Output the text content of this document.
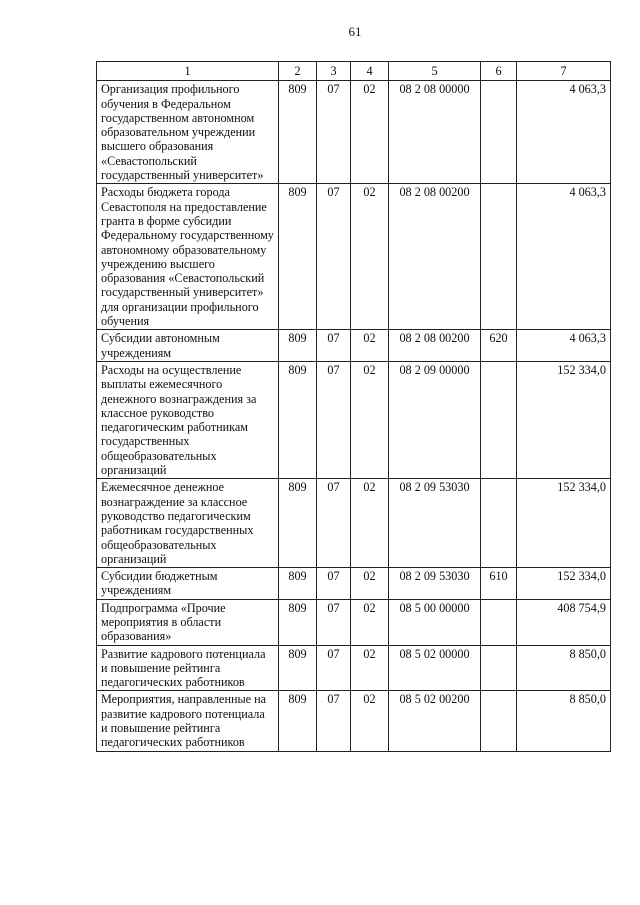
61
1	2	3	4	5	6	7
Организация профильного обучения в Федеральном государственном автономном образовательном учреждении высшего образования «Севастопольский государственный университет»	809	07	02	08 2 08 00000		4 063,3
Расходы бюджета города Севастополя на предоставление гранта в форме субсидии Федеральному государственному автономному образовательному учреждению высшего образования «Севастопольский государственный университет» для организации профильного обучения	809	07	02	08 2 08 00200		4 063,3
Субсидии автономным учреждениям	809	07	02	08 2 08 00200	620	4 063,3
Расходы на осуществление выплаты ежемесячного денежного вознаграждения за классное руководство педагогическим работникам государственных общеобразовательных организаций	809	07	02	08 2 09 00000		152 334,0
Ежемесячное денежное вознаграждение за классное руководство педагогическим работникам государственных общеобразовательных организаций	809	07	02	08 2 09 53030		152 334,0
Субсидии бюджетным учреждениям	809	07	02	08 2 09 53030	610	152 334,0
Подпрограмма «Прочие мероприятия в области образования»	809	07	02	08 5 00 00000		408 754,9
Развитие кадрового потенциала и повышение рейтинга педагогических работников	809	07	02	08 5 02 00000		8 850,0
Мероприятия, направленные на развитие кадрового потенциала и повышение рейтинга педагогических работников	809	07	02	08 5 02 00200		8 850,0
